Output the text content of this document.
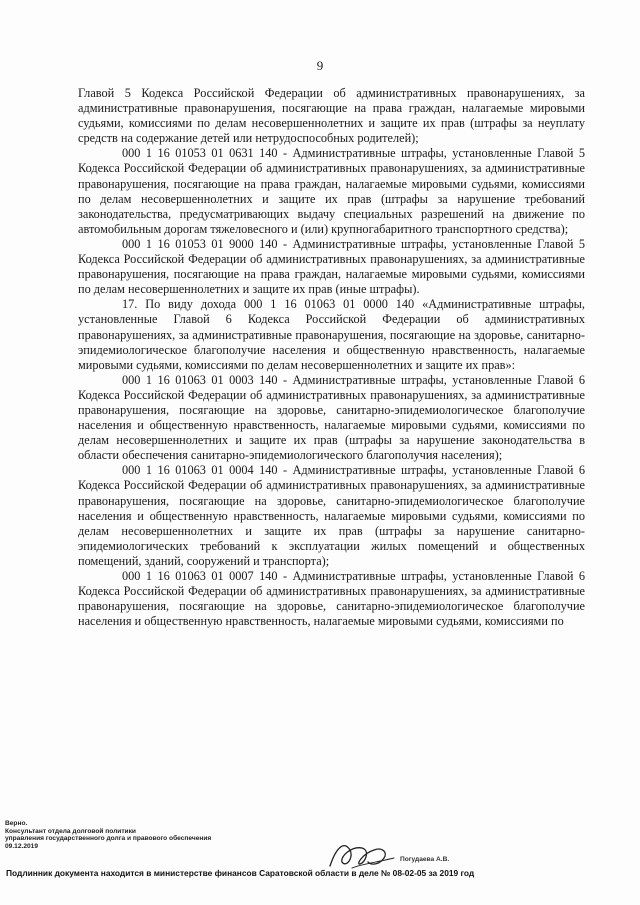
9

Главой 5 Кодекса Российской Федерации об административных правонарушениях, за административные правонарушения, посягающие на права граждан, налагаемые мировыми судьями, комиссиями по делам несовершеннолетних и защите их прав (штрафы за неуплату средств на содержание детей или нетрудоспособных родителей);

000 1 16 01053 01 0631 140 - Административные штрафы, установленные Главой 5 Кодекса Российской Федерации об административных правонарушениях, за административные правонарушения, посягающие на права граждан, налагаемые мировыми судьями, комиссиями по делам несовершеннолетних и защите их прав (штрафы за нарушение требований законодательства, предусматривающих выдачу специальных разрешений на движение по автомобильным дорогам тяжеловесного и (или) крупногабаритного транспортного средства);

000 1 16 01053 01 9000 140 - Административные штрафы, установленные Главой 5 Кодекса Российской Федерации об административных правонарушениях, за административные правонарушения, посягающие на права граждан, налагаемые мировыми судьями, комиссиями по делам несовершеннолетних и защите их прав (иные штрафы).

17. По виду дохода 000 1 16 01063 01 0000 140 «Административные штрафы, установленные Главой 6 Кодекса Российской Федерации об административных правонарушениях, за административные правонарушения, посягающие на здоровье, санитарно-эпидемиологическое благополучие населения и общественную нравственность, налагаемые мировыми судьями, комиссиями по делам несовершеннолетних и защите их прав»:

000 1 16 01063 01 0003 140 - Административные штрафы, установленные Главой 6 Кодекса Российской Федерации об административных правонарушениях, за административные правонарушения, посягающие на здоровье, санитарно-эпидемиологическое благополучие населения и общественную нравственность, налагаемые мировыми судьями, комиссиями по делам несовершеннолетних и защите их прав (штрафы за нарушение законодательства в области обеспечения санитарно-эпидемиологического благополучия населения);

000 1 16 01063 01 0004 140 - Административные штрафы, установленные Главой 6 Кодекса Российской Федерации об административных правонарушениях, за административные правонарушения, посягающие на здоровье, санитарно-эпидемиологическое благополучие населения и общественную нравственность, налагаемые мировыми судьями, комиссиями по делам несовершеннолетних и защите их прав (штрафы за нарушение санитарно-эпидемиологических требований к эксплуатации жилых помещений и общественных помещений, зданий, сооружений и транспорта);

000 1 16 01063 01 0007 140 - Административные штрафы, установленные Главой 6 Кодекса Российской Федерации об административных правонарушениях, за административные правонарушения, посягающие на здоровье, санитарно-эпидемиологическое благополучие населения и общественную нравственность, налагаемые мировыми судьями, комиссиями по

Верно.
Консультант отдела долговой политики
управления государственного долга и правового обеспечения
09.12.2019
Погудаева А.В.
Подлинник документа находится в министерстве финансов Саратовской области в деле № 08-02-05 за 2019 год
